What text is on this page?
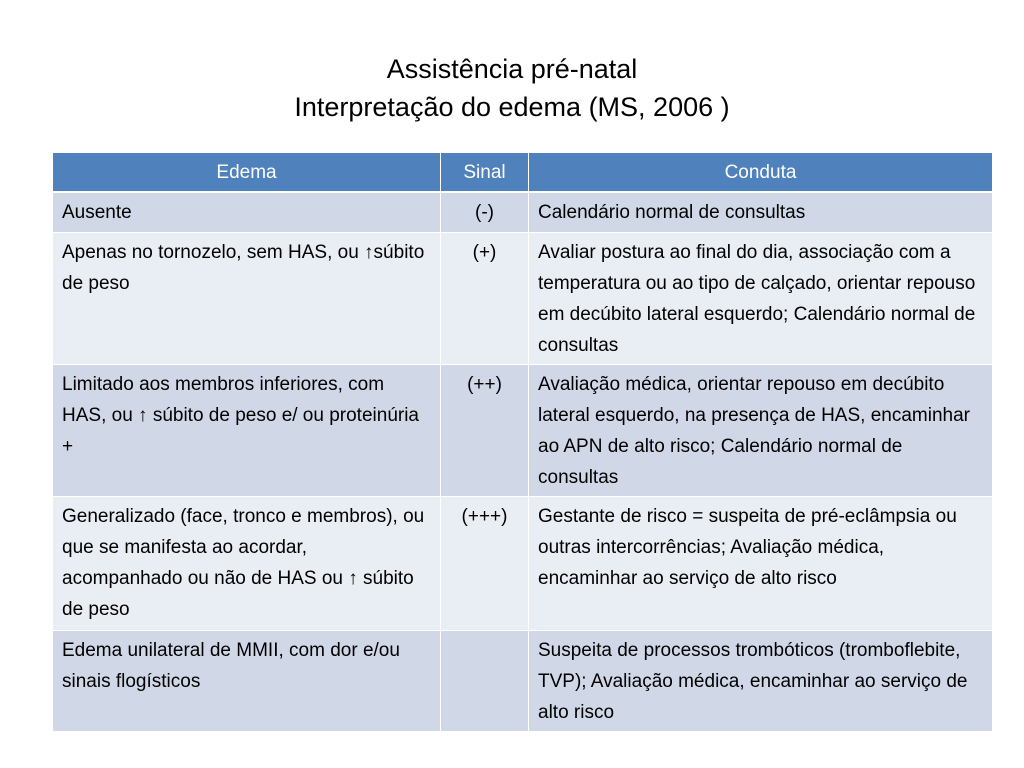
Assistência pré-natal
Interpretação do edema (MS, 2006 )
Edema	Sinal	Conduta
Ausente	(-)	Calendário normal de consultas
Apenas no tornozelo, sem HAS, ou ↑súbito de peso	(+)	Avaliar postura ao final do dia, associação com a temperatura ou ao tipo de calçado, orientar repouso em decúbito lateral esquerdo; Calendário normal de consultas
Limitado aos membros inferiores, com HAS, ou ↑ súbito de peso e/ ou proteinúria +	(++)	Avaliação médica, orientar repouso em decúbito lateral esquerdo, na presença de HAS, encaminhar ao APN de alto risco; Calendário normal de consultas
Generalizado (face, tronco e membros), ou que se manifesta ao acordar, acompanhado ou não de HAS ou ↑ súbito de peso	(+++)	Gestante de risco = suspeita de pré-eclâmpsia ou outras intercorrências; Avaliação médica, encaminhar ao serviço de alto risco
Edema unilateral de MMII, com dor e/ou sinais flogísticos		Suspeita de processos trombóticos (tromboflebite, TVP); Avaliação médica, encaminhar ao serviço de alto risco
